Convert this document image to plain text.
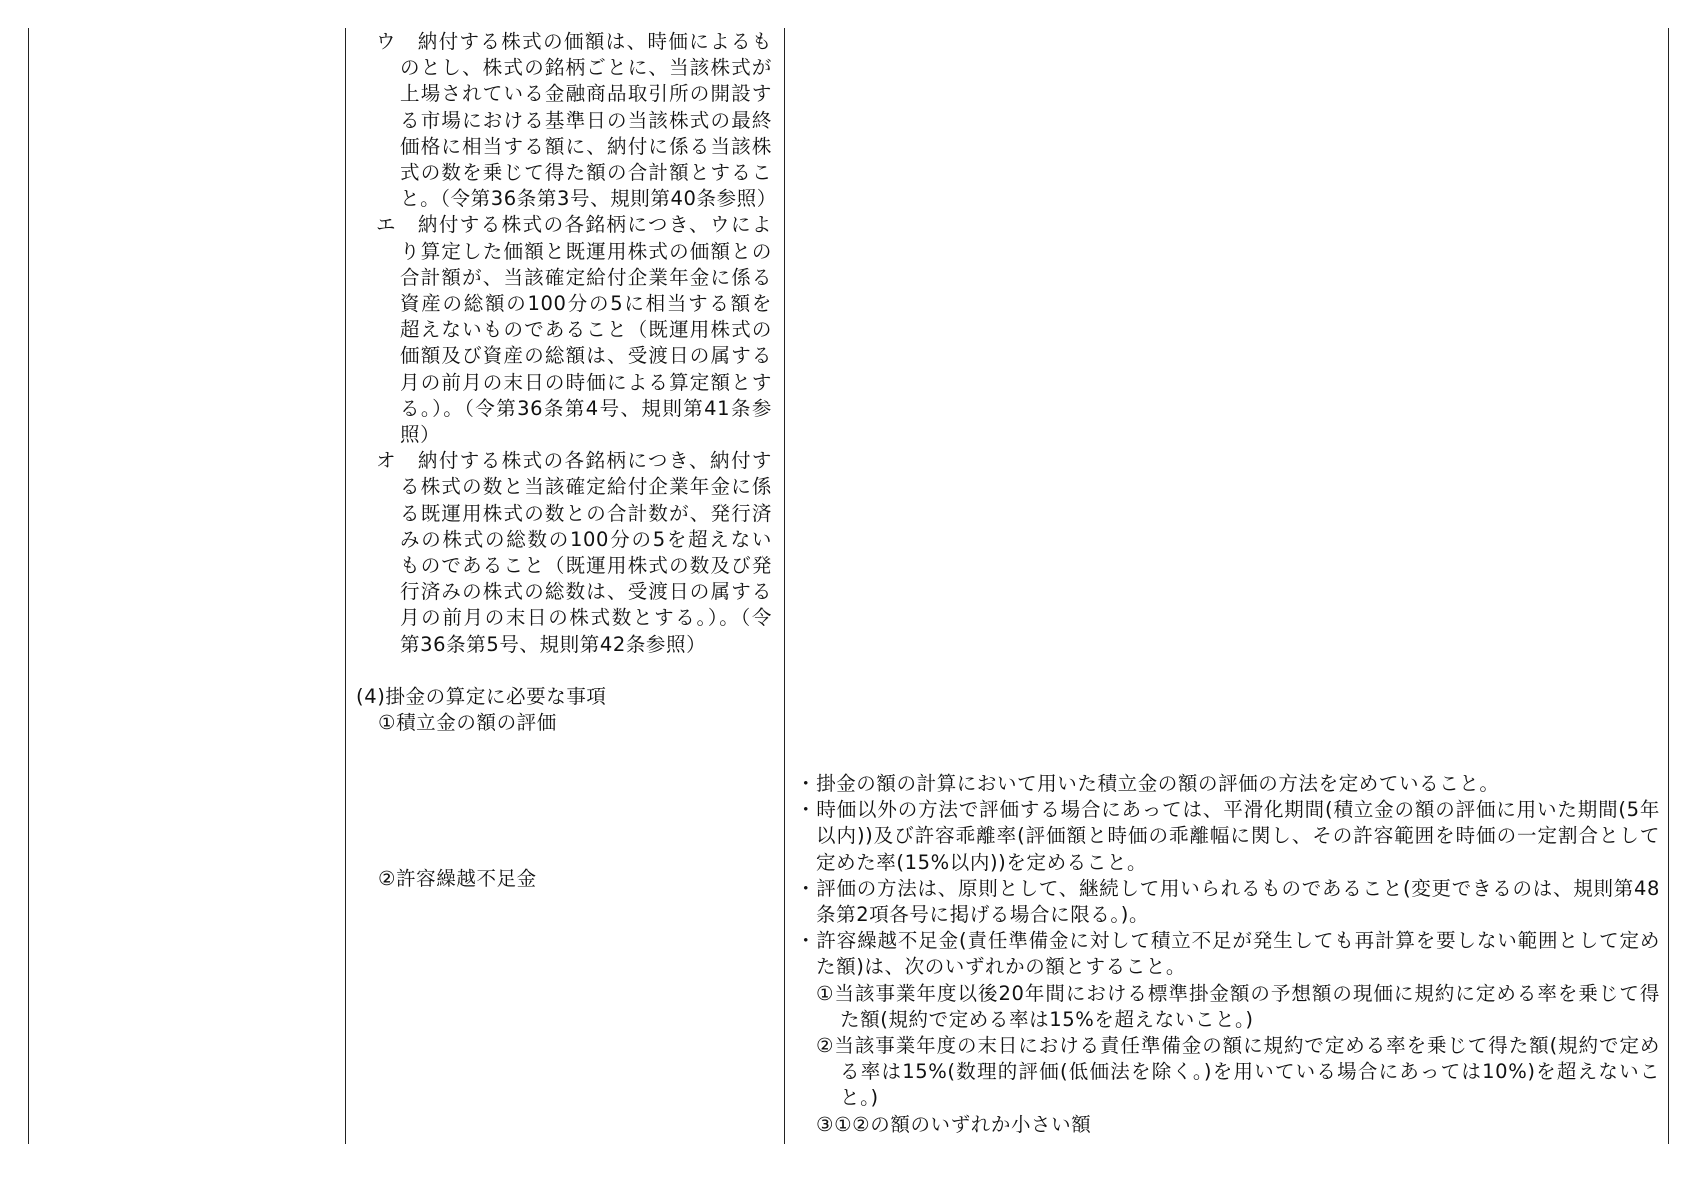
ウ　納付する株式の価額は、時価によるものとし、株式の銘柄ごとに、当該株式が上場されている金融商品取引所の開設する市場における基準日の当該株式の最終価格に相当する額に、納付に係る当該株式の数を乗じて得た額の合計額とすること。（令第36条第3号、規則第40条参照）
エ　納付する株式の各銘柄につき、ウにより算定した価額と既運用株式の価額との合計額が、当該確定給付企業年金に係る資産の総額の100分の5に相当する額を超えないものであること（既運用株式の価額及び資産の総額は、受渡日の属する月の前月の末日の時価による算定額とする。）。（令第36条第4号、規則第41条参照）
オ　納付する株式の各銘柄につき、納付する株式の数と当該確定給付企業年金に係る既運用株式の数との合計数が、発行済みの株式の総数の100分の5を超えないものであること（既運用株式の数及び発行済みの株式の総数は、受渡日の属する月の前月の末日の株式数とする。）。（令第36条第5号、規則第42条参照）
(4)掛金の算定に必要な事項
①積立金の額の評価
②許容繰越不足金
・掛金の額の計算において用いた積立金の額の評価の方法を定めていること。
・時価以外の方法で評価する場合にあっては、平滑化期間(積立金の額の評価に用いた期間(5年以内))及び許容乖離率(評価額と時価の乖離幅に関し、その許容範囲を時価の一定割合として定めた率(15%以内))を定めること。
・評価の方法は、原則として、継続して用いられるものであること(変更できるのは、規則第48条第2項各号に掲げる場合に限る。)。
・許容繰越不足金(責任準備金に対して積立不足が発生しても再計算を要しない範囲として定めた額)は、次のいずれかの額とすること。
①当該事業年度以後20年間における標準掛金額の予想額の現価に規約に定める率を乗じて得た額(規約で定める率は15%を超えないこと。)
②当該事業年度の末日における責任準備金の額に規約で定める率を乗じて得た額(規約で定める率は15%(数理的評価(低価法を除く。)を用いている場合にあっては10%)を超えないこと。)
③①②の額のいずれか小さい額
